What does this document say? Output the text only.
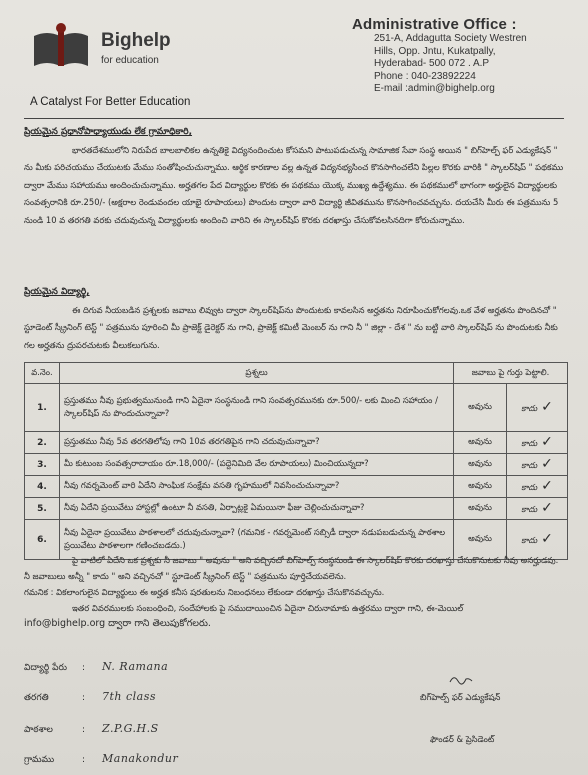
Bighelp
for education
A Catalyst For Better Education
Administrative Office :
251-A, Addagutta Society Westren
Hills, Opp. Jntu, Kukatpally,
Hyderabad- 500 072 . A.P
Phone : 040-23892224
E-mail :admin@bighelp.org
ప్రియమైన ప్రధానోపాధ్యాయుడు లేక గ్రామాధికారి,
భారతదేశములోని నిరుపేద బాలబాలికల ఉన్నతికై విద్యనందించుట కోసమని పాటుపడుచున్న సామాజిక సేవా సంస్థ అయిన " బిగ్‌హెల్ప్ ఫర్ ఎడ్యుకేషన్ " ను మీకు పరిచయము చేయుటకు మేము సంతోషించుచున్నాము. ఆర్థిక కారణాల వల్ల ఉన్నత విద్యనభ్యసించ కొనసాగించలేని పిల్లల కొరకు వారికి " స్కాలర్‌షిప్ " పథకము ద్వారా మేము సహాయము అందించుచున్నాము. అర్హతగల పేద విద్యార్థుల కొరకు ఈ పథకము యొక్క ముఖ్య ఉద్దేశ్యము. ఈ పథకములో భాగంగా అర్హులైన విద్యార్థులకు సంవత్సరానికి రూ.250/- (అక్షరాల రెండువందల యాభై రూపాయలు) పొందుట ద్వారా వారి విద్యార్థి జీవితమును కొనసాగించవచ్చును. దయచేసి మీరు ఈ పత్రమును 5 నుండి 10 వ తరగతి వరకు చదువుచున్న విద్యార్థులకు అందించి వారిని ఈ స్కాలర్‌షిప్ కొరకు దరఖాస్తు చేసుకోవలసినదిగా కోరుచున్నాము.
ప్రియమైన విద్యార్థి,
ఈ దిగువ నీయబడిన ప్రశ్నలకు జవాబు లివ్వుట ద్వారా స్కాలర్‌షిప్‌ను పొందుటకు కావలసిన అర్హతను నిరూపించుకోగలవు.ఒక వేళ అర్హతను పొందినచో " స్టూడెంట్ స్క్రీనింగ్ టెస్ట్ " పత్రమును పూరించి మీ ప్రాజెక్ట్ డైరెక్టర్ ను గాని, ప్రాజెక్ట్ కమిటీ మెంబర్ ను గాని నీ " జిల్లా - దేశ " ను బట్టి వారి స్కాలర్‌షిప్ ను పొందుటకు నీకు గల అర్హతను ద్రుపరచుటకు వీలుకలుగును.
వ.నెం.	ప్రశ్నలు	జవాబు పై గుర్తు పెట్టాలి.	
1.	ప్రస్తుతము నీవు ప్రభుత్వమునుండి గాని ఏదైనా సంస్థనుండి గాని సంవత్సరమునకు రూ.500/- లకు మించి సహాయం / స్కాలర్‌షిప్ ను పొందుచున్నావా?	అవును	కాదు ✓
2.	ప్రస్తుతము నీవు 5వ తరగతిలోపు గాని 10వ తరగతిపైన గాని చదువుచున్నావా?	అవును	కాదు ✓
3.	మీ కుటుంబ సంవత్సరాదాయం రూ.18,000/- (పద్దెనిమిది వేల రూపాయలు) మించియున్నదా?	అవును	కాదు ✓
4.	నీవు గవర్నమెంట్ వారి ఏదేని సాంఘిక సంక్షేమ వసతి గృహములో నివసించుచున్నావా?	అవును	కాదు ✓
5.	నీవు ఏదేని ప్రయివేటు హాస్టల్లో ఉంటూ నీ వసతి, ఏర్పాట్లకై ఏమయినా ఫీజు చెల్లించుచున్నావా?	అవును	కాదు ✓
6.	నీవు ఏదైనా ప్రయివేటు పాఠశాలలో చదువుచున్నావా? (గమనిక - గవర్నమెంట్ సబ్సిడీ ద్వారా నడుపబడుచున్న పాఠశాల ప్రయివేటు పాఠశాలగా గణించబడదు.)	అవును	కాదు ✓
పై వాటిలో ఏదేని ఒక ప్రశ్నకు నీ జవాబు " అవును " అని వచ్చినచో బిగ్‌హెల్ప్ సంస్థనుండి ఈ స్కాలర్‌షిప్ కొరకు దరఖాస్తు చేసుకొనుటకు నీవు అనర్హుడవు. నీ జవాబులు అన్నీ " కాదు " అని వచ్చినచో " స్టూడెంట్ స్క్రీనింగ్ టెస్ట్ " పత్రమును పూర్తిచేయవలెను.
గమనిక : వికలాంగులైన విద్యార్థులు ఈ అర్హత కనీస షరతులను నిబంధనలు లేకుండా దరఖాస్తు చేసుకొనవచ్చును.
ఇతర వివరములకు సంబంధించి, సందేహాలకు పై సముదాయించిన ఏదైనా చిరునామాకు ఉత్తరము ద్వారా గాని, ఈ-మెయిల్
info@bighelp.org ద్వారా గాని తెలుపుకోగలరు.
విద్యార్థి పేరు : N. Ramana
తరగతి	: 7th class
పాఠశాల	: Z.P.G.H.S
గ్రామము	: Manakondur
బిగ్‌హెల్ప్ ఫర్ ఎడ్యుకేషన్
ఫౌండర్ & ప్రెసిడెంట్
